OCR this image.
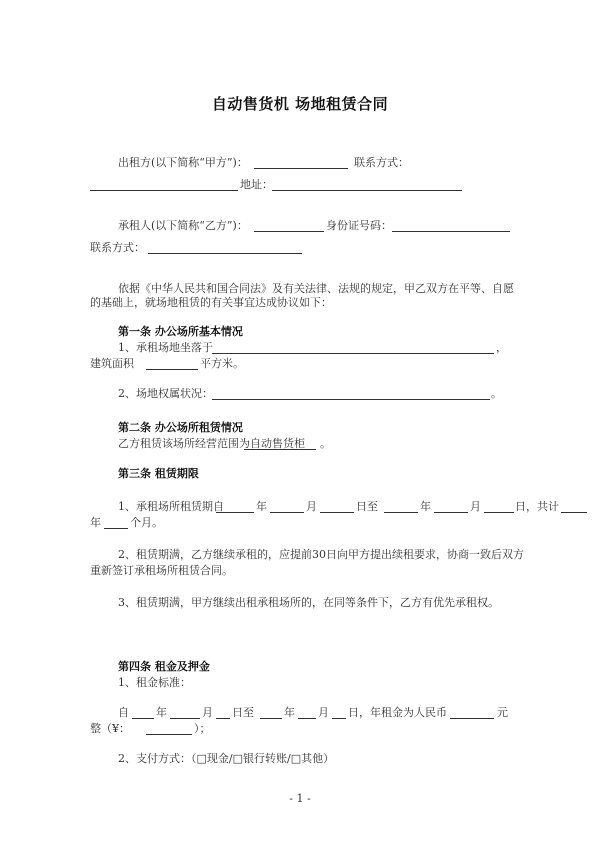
自动售货机 场地租赁合同
出租方(以下简称“甲方”)：	联系方式：
地址：
承租人(以下简称“乙方”)：	身份证号码：
联系方式：
依据《中华人民共和国合同法》及有关法律、法规的规定，甲乙双方在平等、自愿
的基础上，就场地租赁的有关事宜达成协议如下：
第一条 办公场所基本情况
1、承租场地坐落于	，
建筑面积	平方米。
2、场地权属状况：	。
第二条 办公场所租赁情况
乙方租赁该场所经营范围为 自动售货柜 。
第三条 租赁期限
1、承租场所租赁期自	年	月	日至	年	月	日，共计
年	个月。
2、租赁期满，乙方继续承租的，应提前30日向甲方提出续租要求，协商一致后双方
重新签订承租场所租赁合同。
3、租赁期满，甲方继续出租承租场所的，在同等条件下，乙方有优先承租权。
第四条 租金及押金
1、租金标准：
自 年	月 日至	年 月 日，年租金为人民币	元
整（¥：	）；
2、支付方式：（□现金/□银行转账/□其他）
- 1 -
